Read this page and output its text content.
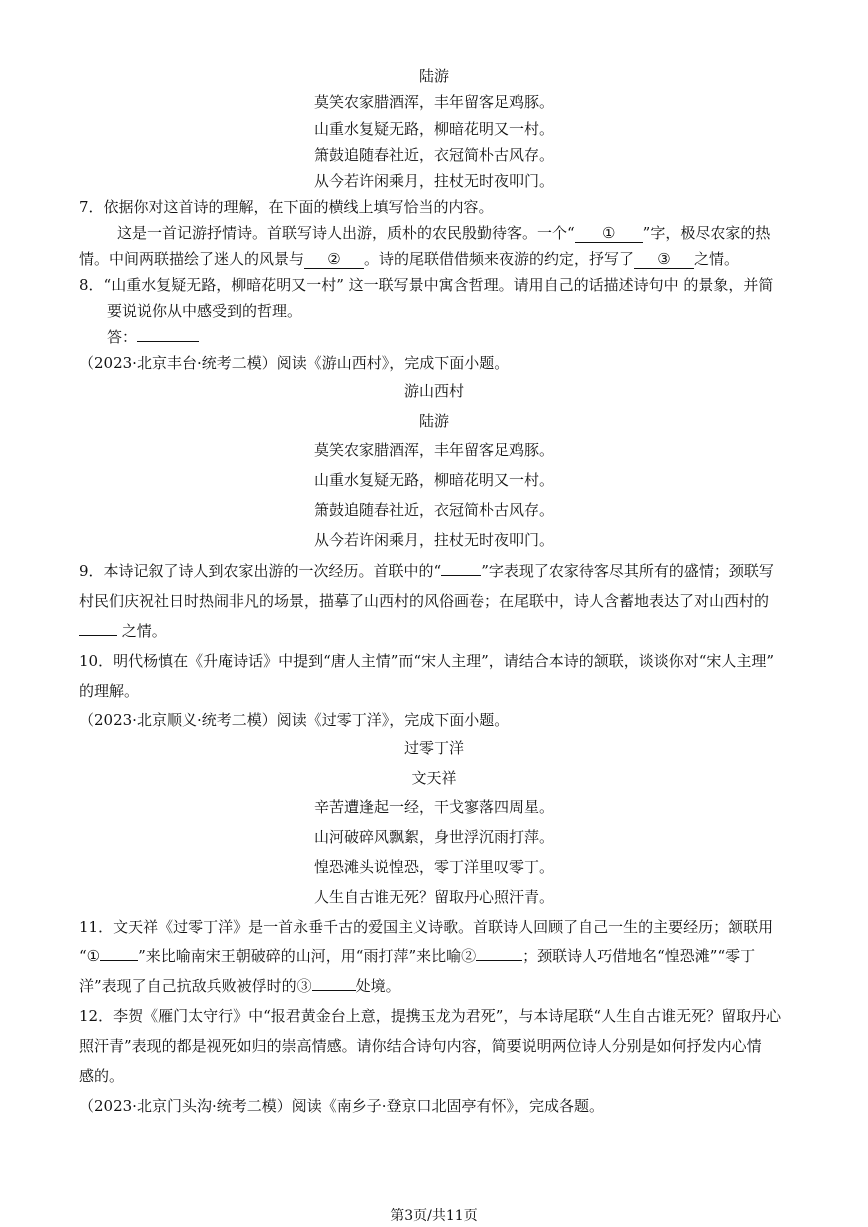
陆游
莫笑农家腊酒浑，丰年留客足鸡豚。
山重水复疑无路，柳暗花明又一村。
箫鼓追随春社近，衣冠简朴古风存。
从今若许闲乘月，拄杖无时夜叩门。
7．依据你对这首诗的理解，在下面的横线上填写恰当的内容。
这是一首记游抒情诗。首联写诗人出游，质朴的农民殷勤待客。一个“ ① ”字，极尽农家的热
情。中间两联描绘了迷人的风景与 ② 。诗的尾联借借频来夜游的约定，抒写了 ③ 之情。
8．“山重水复疑无路，柳暗花明又一村” 这一联写景中寓含哲理。请用自己的话描述诗句中 的景象，并简
要说说你从中感受到的哲理。
答：
（2023·北京丰台·统考二模）阅读《游山西村》，完成下面小题。
游山西村
陆游
莫笑农家腊酒浑，丰年留客足鸡豚。
山重水复疑无路，柳暗花明又一村。
箫鼓追随春社近，衣冠简朴古风存。
从今若许闲乘月，拄杖无时夜叩门。
9．本诗记叙了诗人到农家出游的一次经历。首联中的“	”字表现了农家待客尽其所有的盛情；颈联写
村民们庆祝社日时热闹非凡的场景，描摹了山西村的风俗画卷；在尾联中，诗人含蓄地表达了对山西村的
之情。
10．明代杨慎在《升庵诗话》中提到“唐人主情”而“宋人主理”，请结合本诗的颔联，谈谈你对“宋人主理”
的理解。
（2023·北京顺义·统考二模）阅读《过零丁洋》，完成下面小题。
过零丁洋
文天祥
辛苦遭逢起一经，干戈寥落四周星。
山河破碎风飘絮，身世浮沉雨打萍。
惶恐滩头说惶恐，零丁洋里叹零丁。
人生自古谁无死？留取丹心照汗青。
11．文天祥《过零丁洋》是一首永垂千古的爱国主义诗歌。首联诗人回顾了自己一生的主要经历；颔联用
“①	”来比喻南宋王朝破碎的山河，用“雨打萍”来比喻②	；颈联诗人巧借地名“惶恐滩”“零丁
洋”表现了自己抗敌兵败被俘时的③	处境。
12．李贺《雁门太守行》中“报君黄金台上意，提携玉龙为君死”，与本诗尾联“人生自古谁无死？留取丹心
照汗青”表现的都是视死如归的崇高情感。请你结合诗句内容，简要说明两位诗人分别是如何抒发内心情
感的。
（2023·北京门头沟·统考二模）阅读《南乡子·登京口北固亭有怀》，完成各题。
第3页/共11页
